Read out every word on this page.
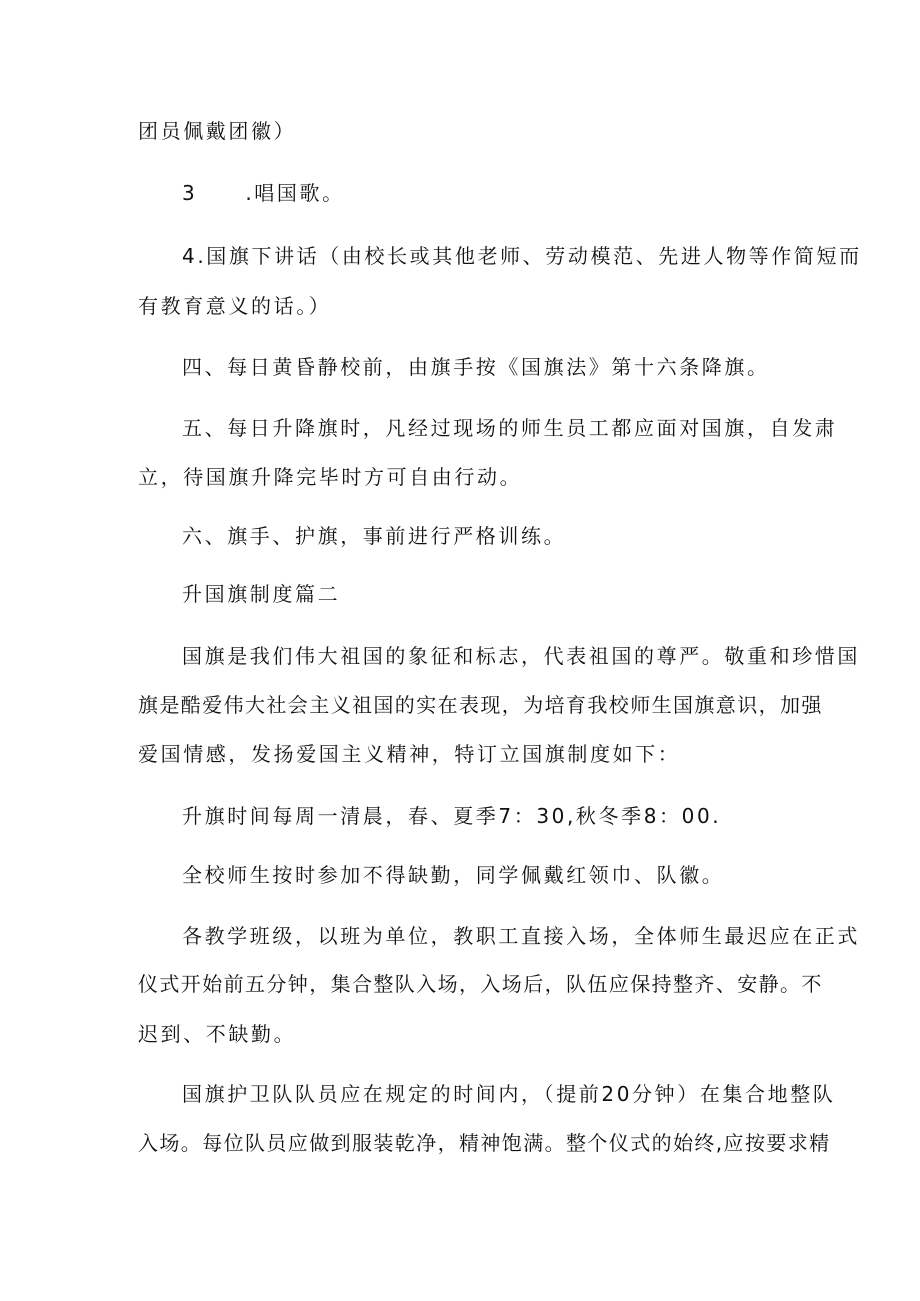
团员佩戴团徽）
3 .唱国歌。
4.国旗下讲话（由校长或其他老师、劳动模范、先进人物等作简短而
有教育意义的话。）
四、每日黄昏静校前，由旗手按《国旗法》第十六条降旗。
五、每日升降旗时，凡经过现场的师生员工都应面对国旗，自发肃
立，待国旗升降完毕时方可自由行动。
六、旗手、护旗，事前进行严格训练。
升国旗制度篇二
国旗是我们伟大祖国的象征和标志，代表祖国的尊严。敬重和珍惜国
旗是酷爱伟大社会主义祖国的实在表现，为培育我校师生国旗意识，加强
爱国情感，发扬爱国主义精神，特订立国旗制度如下：
升旗时间每周一清晨，春、夏季7：30,秋冬季8：00.
全校师生按时参加不得缺勤，同学佩戴红领巾、队徽。
各教学班级，以班为单位，教职工直接入场，全体师生最迟应在正式
仪式开始前五分钟，集合整队入场，入场后，队伍应保持整齐、安静。不
迟到、不缺勤。
国旗护卫队队员应在规定的时间内，（提前20分钟）在集合地整队
入场。每位队员应做到服装乾净，精神饱满。整个仪式的始终,应按要求精
